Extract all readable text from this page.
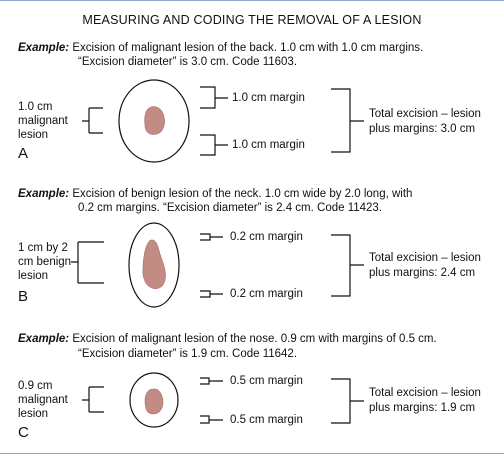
MEASURING AND CODING THE REMOVAL OF A LESION
Example: Excision of malignant lesion of the back. 1.0 cm with 1.0 cm margins.
“Excision diameter” is 3.0 cm. Code 11603.
1.0 cm
malignant
lesion
A
1.0 cm margin
1.0 cm margin
Total excision – lesion
plus margins: 3.0 cm
Example: Excision of benign lesion of the neck. 1.0 cm wide by 2.0 long, with
0.2 cm margins. “Excision diameter” is 2.4 cm. Code 11423.
1 cm by 2
cm benign
lesion
B
0.2 cm margin
0.2 cm margin
Total excision – lesion
plus margins: 2.4 cm
Example: Excision of malignant lesion of the nose. 0.9 cm with margins of 0.5 cm.
“Excision diameter” is 1.9 cm. Code 11642.
0.9 cm
malignant
lesion
C
0.5 cm margin
0.5 cm margin
Total excision – lesion
plus margins: 1.9 cm
